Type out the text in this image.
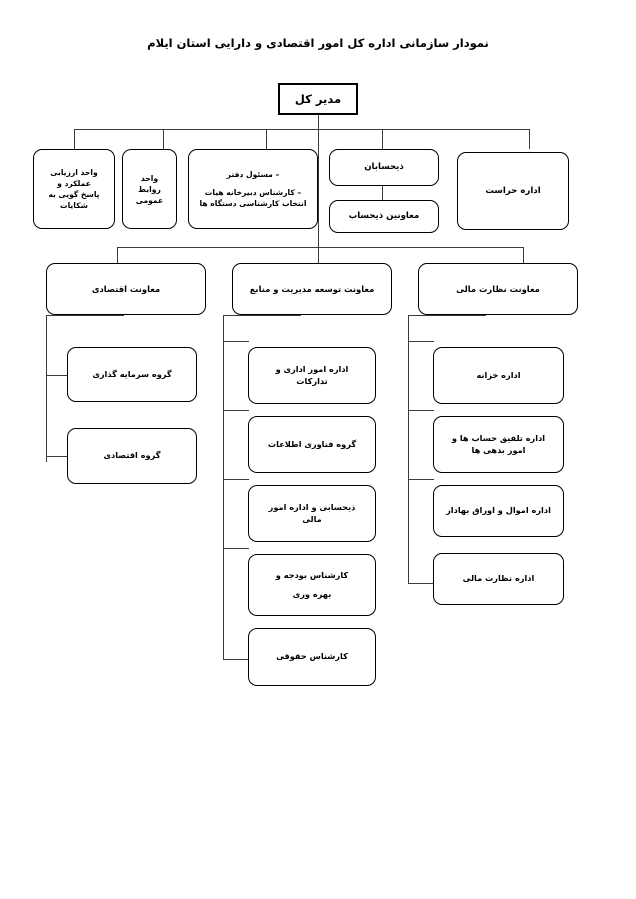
نمودار سازمانی اداره کل امور اقتصادی و دارایی استان ایلام
مدیر کل
واحد ارزیابی
عملکرد و
پاسخ گویی به
شکایات
واحد
روابط
عمومی
– مسئول دفتر
– کارشناس دبیرخانه هیات
انتخاب کارشناسی دستگاه ها
ذیحسابان
معاونین ذیحساب
اداره حراست
معاونت اقتصادی	معاونت توسعه مدیریت و منابع	معاونت نظارت مالی
گروه سرمایه گذاری
گروه اقتصادی
اداره امور اداری و
تدارکات
گروه فناوری اطلاعات
ذیحسابی و اداره امور
مالی
کارشناس بودجه و
بهره وری
کارشناس حقوقی
اداره خزانه
اداره تلفیق حساب ها و
امور بدهی ها
اداره اموال و اوراق بهادار
اداره نظارت مالی
